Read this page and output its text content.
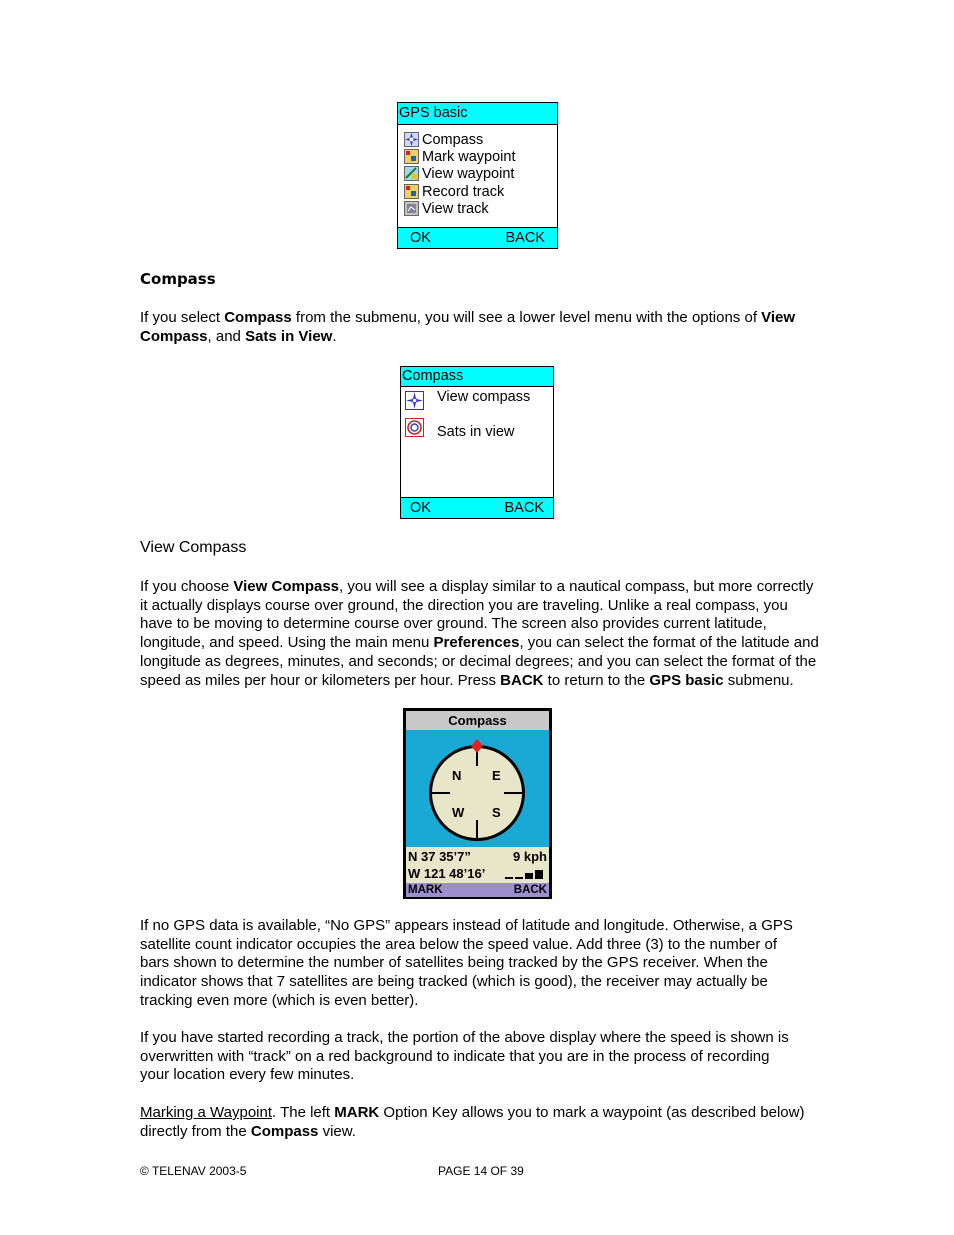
GPS basic
Compass
Mark waypoint
View waypoint
Record track
View track
OK	BACK
Compass
If you select Compass from the submenu, you will see a lower level menu with the options of View Compass, and Sats in View.
Compass
View compass
Sats in view
OK	BACK
View Compass
If you choose View Compass, you will see a display similar to a nautical compass, but more correctly it actually displays course over ground, the direction you are traveling. Unlike a real compass, you have to be moving to determine course over ground. The screen also provides current latitude, longitude, and speed. Using the main menu Preferences, you can select the format of the latitude and longitude as degrees, minutes, and seconds; or decimal degrees; and you can select the format of the speed as miles per hour or kilometers per hour. Press BACK to return to the GPS basic submenu.
Compass
N E
W S
N 37 35’7”	9 kph
W 121 48’16’
MARK	BACK
If no GPS data is available, “No GPS” appears instead of latitude and longitude. Otherwise, a GPS satellite count indicator occupies the area below the speed value. Add three (3) to the number of bars shown to determine the number of satellites being tracked by the GPS receiver. When the indicator shows that 7 satellites are being tracked (which is good), the receiver may actually be tracking even more (which is even better).
If you have started recording a track, the portion of the above display where the speed is shown is overwritten with “track” on a red background to indicate that you are in the process of recording your location every few minutes.
Marking a Waypoint. The left MARK Option Key allows you to mark a waypoint (as described below) directly from the Compass view.
© TELENAV 2003-5	PAGE 14 OF 39
